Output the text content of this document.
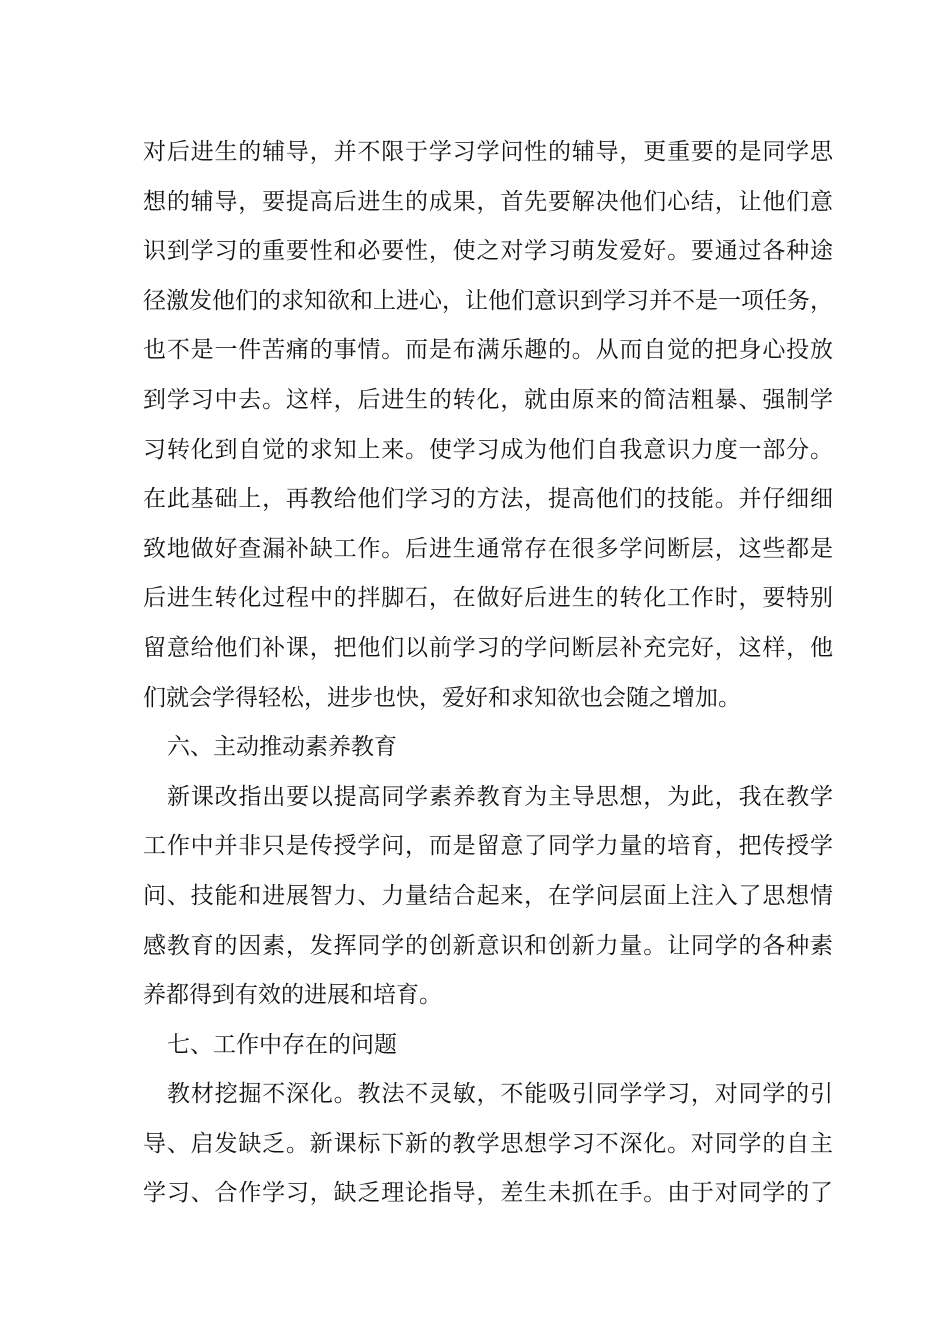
对后进生的辅导，并不限于学习学问性的辅导，更重要的是同学思
想的辅导，要提高后进生的成果，首先要解决他们心结，让他们意
识到学习的重要性和必要性，使之对学习萌发爱好。要通过各种途
径激发他们的求知欲和上进心，让他们意识到学习并不是一项任务，
也不是一件苦痛的事情。而是布满乐趣的。从而自觉的把身心投放
到学习中去。这样，后进生的转化，就由原来的简洁粗暴、强制学
习转化到自觉的求知上来。使学习成为他们自我意识力度一部分。
在此基础上，再教给他们学习的方法，提高他们的技能。并仔细细
致地做好查漏补缺工作。后进生通常存在很多学问断层，这些都是
后进生转化过程中的拌脚石，在做好后进生的转化工作时，要特别
留意给他们补课，把他们以前学习的学问断层补充完好，这样，他
们就会学得轻松，进步也快，爱好和求知欲也会随之增加。
六、主动推动素养教育
新课改指出要以提高同学素养教育为主导思想，为此，我在教学
工作中并非只是传授学问，而是留意了同学力量的培育，把传授学
问、技能和进展智力、力量结合起来，在学问层面上注入了思想情
感教育的因素，发挥同学的创新意识和创新力量。让同学的各种素
养都得到有效的进展和培育。
七、工作中存在的问题
教材挖掘不深化。教法不灵敏，不能吸引同学学习，对同学的引
导、启发缺乏。新课标下新的教学思想学习不深化。对同学的自主
学习、合作学习，缺乏理论指导，差生未抓在手。由于对同学的了
